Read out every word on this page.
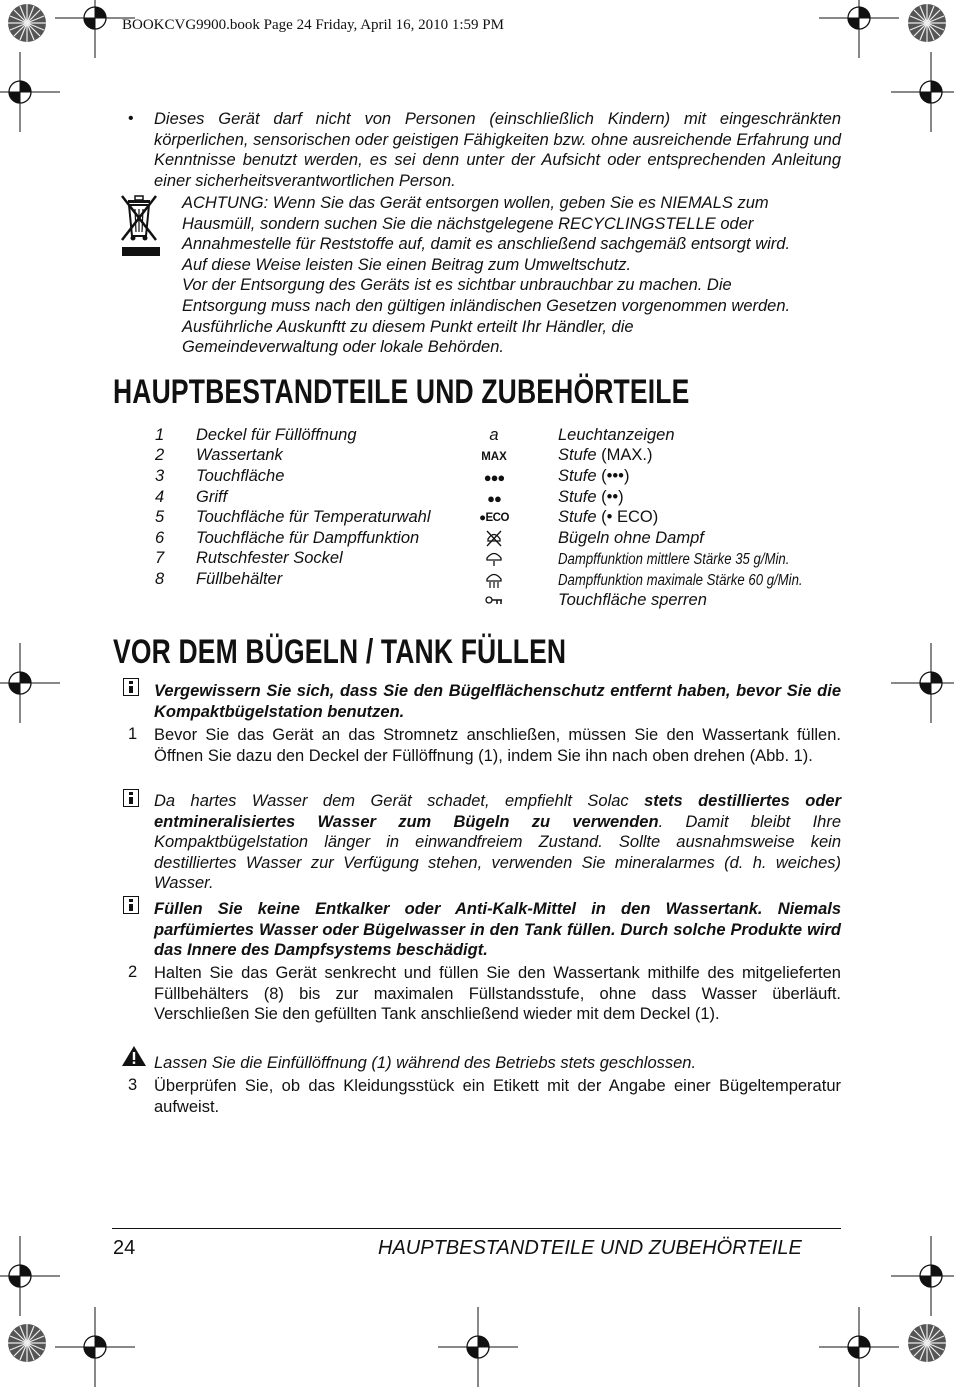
BOOKCVG9900.book Page 24 Friday, April 16, 2010 1:59 PM
• Dieses Gerät darf nicht von Personen (einschließlich Kindern) mit eingeschränkten körperlichen, sensorischen oder geistigen Fähigkeiten bzw. ohne ausreichende Erfahrung und Kenntnisse benutzt werden, es sei denn unter der Aufsicht oder entsprechenden Anleitung einer sicherheitsverantwortlichen Person.
ACHTUNG: Wenn Sie das Gerät entsorgen wollen, geben Sie es NIEMALS zum
Hausmüll, sondern suchen Sie die nächstgelegene RECYCLINGSTELLE oder
Annahmestelle für Reststoffe auf, damit es anschließend sachgemäß entsorgt wird.
Auf diese Weise leisten Sie einen Beitrag zum Umweltschutz.
Vor der Entsorgung des Geräts ist es sichtbar unbrauchbar zu machen. Die
Entsorgung muss nach den gültigen inländischen Gesetzen vorgenommen werden.
Ausführliche Auskunftt zu diesem Punkt erteilt Ihr Händler, die
Gemeindeverwaltung oder lokale Behörden.
HAUPTBESTANDTEILE UND ZUBEHÖRTEILE
1 Deckel für Füllöffnung
2 Wassertank
3 Touchfläche
4 Griff
5 Touchfläche für Temperaturwahl
6 Touchfläche für Dampffunktion
7 Rutschfester Sockel
8 Füllbehälter
a
MAX
●●●
●●
●ECO
Leuchtanzeigen
Stufe (MAX.)
Stufe (•••)
Stufe (••)
Stufe (• ECO)
Bügeln ohne Dampf
Dampffunktion mittlere Stärke 35 g/Min.
Dampffunktion maximale Stärke 60 g/Min.
Touchfläche sperren
VOR DEM BÜGELN / TANK FÜLLEN
Vergewissern Sie sich, dass Sie den Bügelflächenschutz entfernt haben, bevor Sie die Kompaktbügelstation benutzen.
1 Bevor Sie das Gerät an das Stromnetz anschließen, müssen Sie den Wassertank füllen. Öffnen Sie dazu den Deckel der Füllöffnung (1), indem Sie ihn nach oben drehen (Abb. 1).
Da hartes Wasser dem Gerät schadet, empfiehlt Solac stets destilliertes oder entmineralisiertes Wasser zum Bügeln zu verwenden. Damit bleibt Ihre Kompaktbügelstation länger in einwandfreiem Zustand. Sollte ausnahmsweise kein destilliertes Wasser zur Verfügung stehen, verwenden Sie mineralarmes (d. h. weiches) Wasser.
Füllen Sie keine Entkalker oder Anti-Kalk-Mittel in den Wassertank. Niemals parfümiertes Wasser oder Bügelwasser in den Tank füllen. Durch solche Produkte wird das Innere des Dampfsystems beschädigt.
2 Halten Sie das Gerät senkrecht und füllen Sie den Wassertank mithilfe des mitgelieferten Füllbehälters (8) bis zur maximalen Füllstandsstufe, ohne dass Wasser überläuft. Verschließen Sie den gefüllten Tank anschließend wieder mit dem Deckel (1).
Lassen Sie die Einfüllöffnung (1) während des Betriebs stets geschlossen.
3 Überprüfen Sie, ob das Kleidungsstück ein Etikett mit der Angabe einer Bügeltemperatur aufweist.
24	HAUPTBESTANDTEILE UND ZUBEHÖRTEILE
